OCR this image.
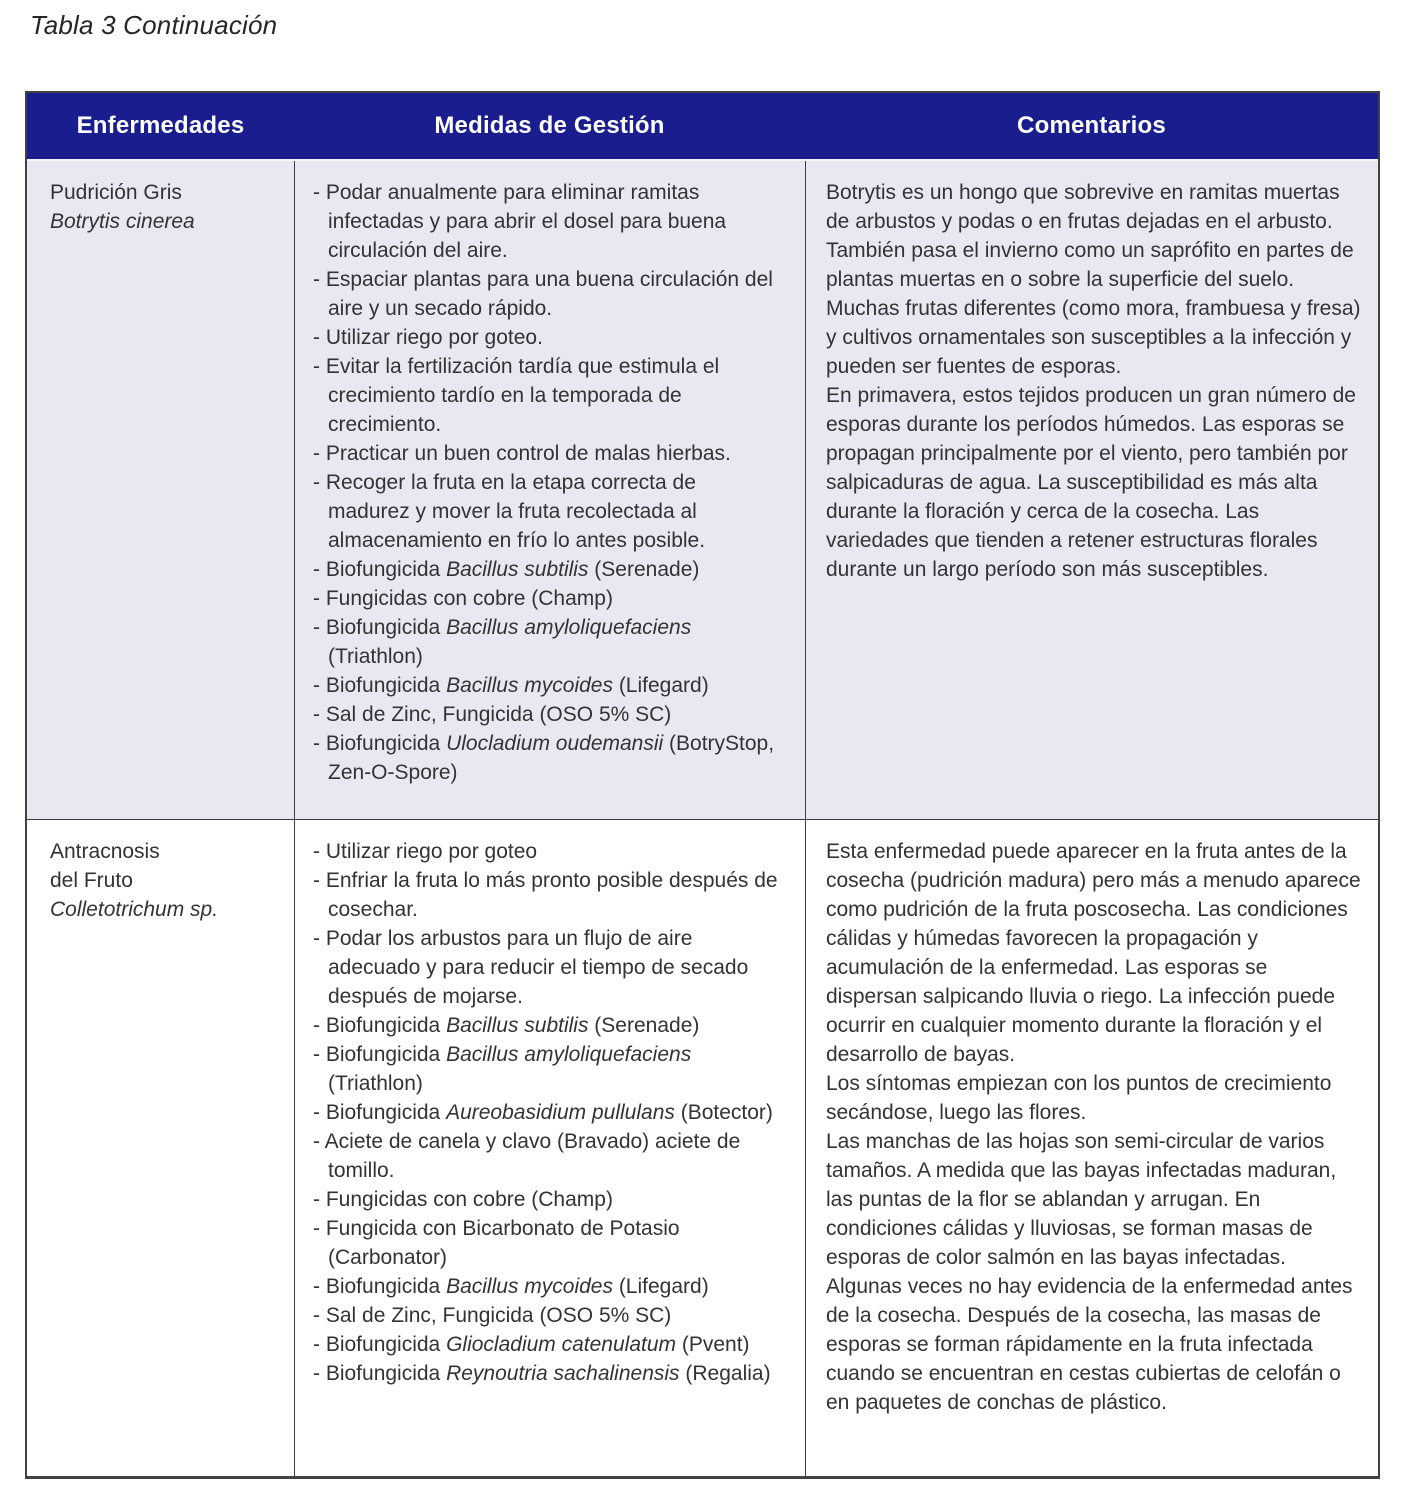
Tabla 3 Continuación
Enfermedades	Medidas de Gestión	Comentarios
Pudrición Gris
Botrytis cinerea
- Podar anualmente para eliminar ramitas infectadas y para abrir el dosel para buena circulación del aire.
- Espaciar plantas para una buena circulación del aire y un secado rápido.
- Utilizar riego por goteo.
- Evitar la fertilización tardía que estimula el crecimiento tardío en la temporada de crecimiento.
- Practicar un buen control de malas hierbas.
- Recoger la fruta en la etapa correcta de madurez y mover la fruta recolectada al almacenamiento en frío lo antes posible.
- Biofungicida Bacillus subtilis (Serenade)
- Fungicidas con cobre (Champ)
- Biofungicida Bacillus amyloliquefaciens (Triathlon)
- Biofungicida Bacillus mycoides (Lifegard)
- Sal de Zinc, Fungicida (OSO 5% SC)
- Biofungicida Ulocladium oudemansii (BotryStop, Zen-O-Spore)
Botrytis es un hongo que sobrevive en ramitas muertas de arbustos y podas o en frutas dejadas en el arbusto. También pasa el invierno como un saprófito en partes de plantas muertas en o sobre la superficie del suelo. Muchas frutas diferentes (como mora, frambuesa y fresa) y cultivos ornamentales son susceptibles a la infección y pueden ser fuentes de esporas.
En primavera, estos tejidos producen un gran número de esporas durante los períodos húmedos. Las esporas se propagan principalmente por el viento, pero también por salpicaduras de agua. La susceptibilidad es más alta durante la floración y cerca de la cosecha. Las variedades que tienden a retener estructuras florales durante un largo período son más susceptibles.
Antracnosis
del Fruto
Colletotrichum sp.
- Utilizar riego por goteo
- Enfriar la fruta lo más pronto posible después de cosechar.
- Podar los arbustos para un flujo de aire adecuado y para reducir el tiempo de secado después de mojarse.
- Biofungicida Bacillus subtilis (Serenade)
- Biofungicida Bacillus amyloliquefaciens (Triathlon)
- Biofungicida Aureobasidium pullulans (Botector)
- Aciete de canela y clavo (Bravado) aciete de tomillo.
- Fungicidas con cobre (Champ)
- Fungicida con Bicarbonato de Potasio (Carbonator)
- Biofungicida Bacillus mycoides (Lifegard)
- Sal de Zinc, Fungicida (OSO 5% SC)
- Biofungicida Gliocladium catenulatum (Pvent)
- Biofungicida Reynoutria sachalinensis (Regalia)
Esta enfermedad puede aparecer en la fruta antes de la cosecha (pudrición madura) pero más a menudo aparece como pudrición de la fruta poscosecha. Las condiciones cálidas y húmedas favorecen la propagación y acumulación de la enfermedad. Las esporas se dispersan salpicando lluvia o riego. La infección puede ocurrir en cualquier momento durante la floración y el desarrollo de bayas.
Los síntomas empiezan con los puntos de crecimiento secándose, luego las flores.
Las manchas de las hojas son semi-circular de varios tamaños. A medida que las bayas infectadas maduran, las puntas de la flor se ablandan y arrugan. En condiciones cálidas y lluviosas, se forman masas de esporas de color salmón en las bayas infectadas. Algunas veces no hay evidencia de la enfermedad antes de la cosecha. Después de la cosecha, las masas de esporas se forman rápidamente en la fruta infectada cuando se encuentran en cestas cubiertas de celofán o en paquetes de conchas de plástico.
